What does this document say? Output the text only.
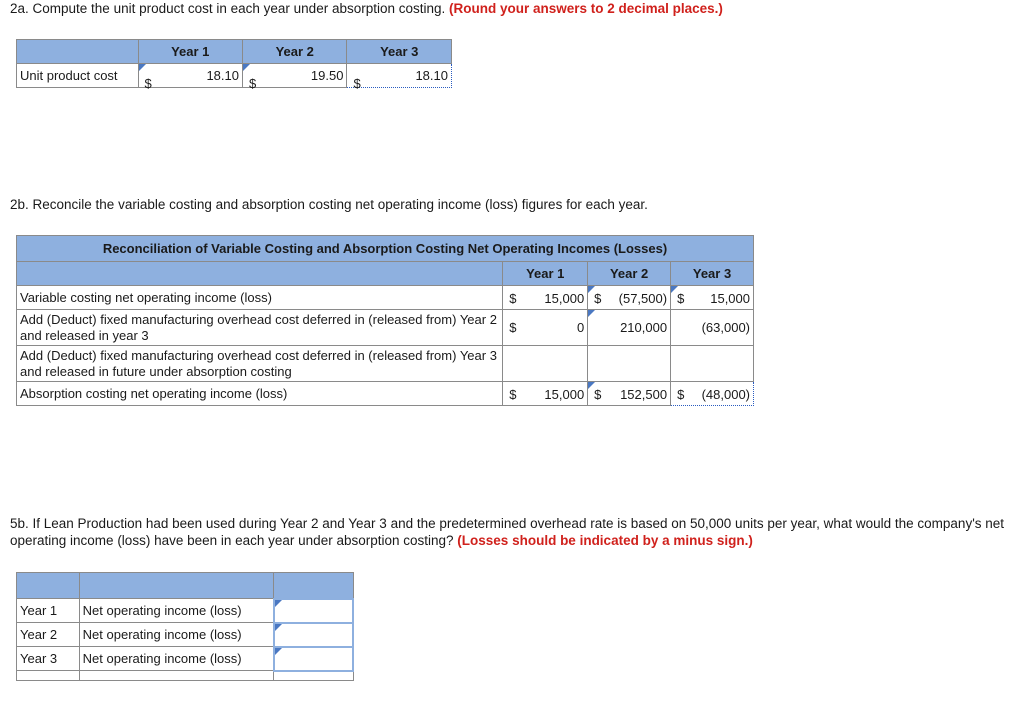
2a. Compute the unit product cost in each year under absorption costing. (Round your answers to 2 decimal places.)
	Year 1	Year 2	Year 3
Unit product cost	$ 18.10	$ 19.50	$ 18.10
2b. Reconcile the variable costing and absorption costing net operating income (loss) figures for each year.
Reconciliation of Variable Costing and Absorption Costing Net Operating Incomes (Losses)			
	Year 1	Year 2	Year 3
Variable costing net operating income (loss)	$ 15,000	$ (57,500)	$ 15,000

Add (Deduct) fixed manufacturing overhead cost deferred in (released from) Year 2 and released in year 3	$ 0	210,000	(63,000)

Add (Deduct) fixed manufacturing overhead cost deferred in (released from) Year 3 and released in future under absorption costing			
Absorption costing net operating income (loss)	$ 15,000	$ 152,500	$ (48,000)
5b. If Lean Production had been used during Year 2 and Year 3 and the predetermined overhead rate is based on 50,000 units per year, what would the company's net operating income (loss) have been in each year under absorption costing? (Losses should be indicated by a minus sign.)

Year 1	Net operating income (loss)	

Year 2	Net operating income (loss)	

Year 3	Net operating income (loss)	
